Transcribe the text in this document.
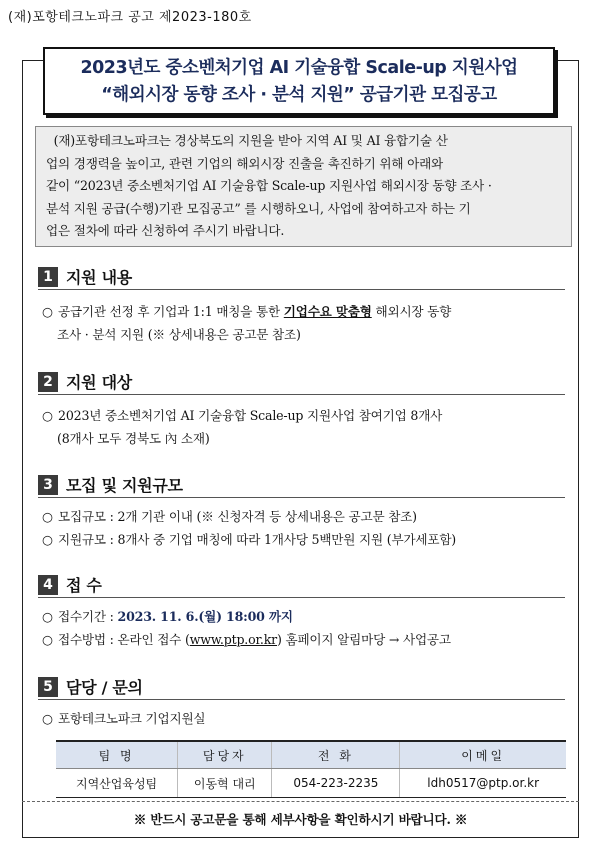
(재)포항테크노파크 공고 제2023-180호
2023년도 중소벤처기업 AI 기술융합 Scale-up 지원사업
“해외시장 동향 조사 · 분석 지원” 공급기관 모집공고
(재)포항테크노파크는 경상북도의 지원을 받아 지역 AI 및 AI 융합기술 산
업의 경쟁력을 높이고, 관련 기업의 해외시장 진출을 촉진하기 위해 아래와
같이 “2023년 중소벤처기업 AI 기술융합 Scale-up 지원사업 해외시장 동향 조사 ·
분석 지원 공급(수행)기관 모집공고” 를 시행하오니, 사업에 참여하고자 하는 기
업은 절차에 따라 신청하여 주시기 바랍니다.
1 지원 내용
○ 공급기관 선정 후 기업과 1:1 매칭을 통한 기업수요 맞춤형 해외시장 동향
조사 · 분석 지원 (※ 상세내용은 공고문 참조)
2 지원 대상
○ 2023년 중소벤처기업 AI 기술융합 Scale-up 지원사업 참여기업 8개사
(8개사 모두 경북도 內 소재)
3 모집 및 지원규모
○ 모집규모 : 2개 기관 이내 (※ 신청자격 등 상세내용은 공고문 참조)
○ 지원규모 : 8개사 중 기업 매칭에 따라 1개사당 5백만원 지원 (부가세포함)
4 접 수
○ 접수기간 : 2023. 11. 6.(월) 18:00 까지
○ 접수방법 : 온라인 접수 (www.ptp.or.kr) 홈페이지 알림마당 → 사업공고
5 담당 / 문의
○ 포항테크노파크 기업지원실
팀 명	담당자	전 화	이메일
지역산업육성팀	이동혁 대리	054-223-2235	ldh0517@ptp.or.kr
※ 반드시 공고문을 통해 세부사항을 확인하시기 바랍니다. ※
